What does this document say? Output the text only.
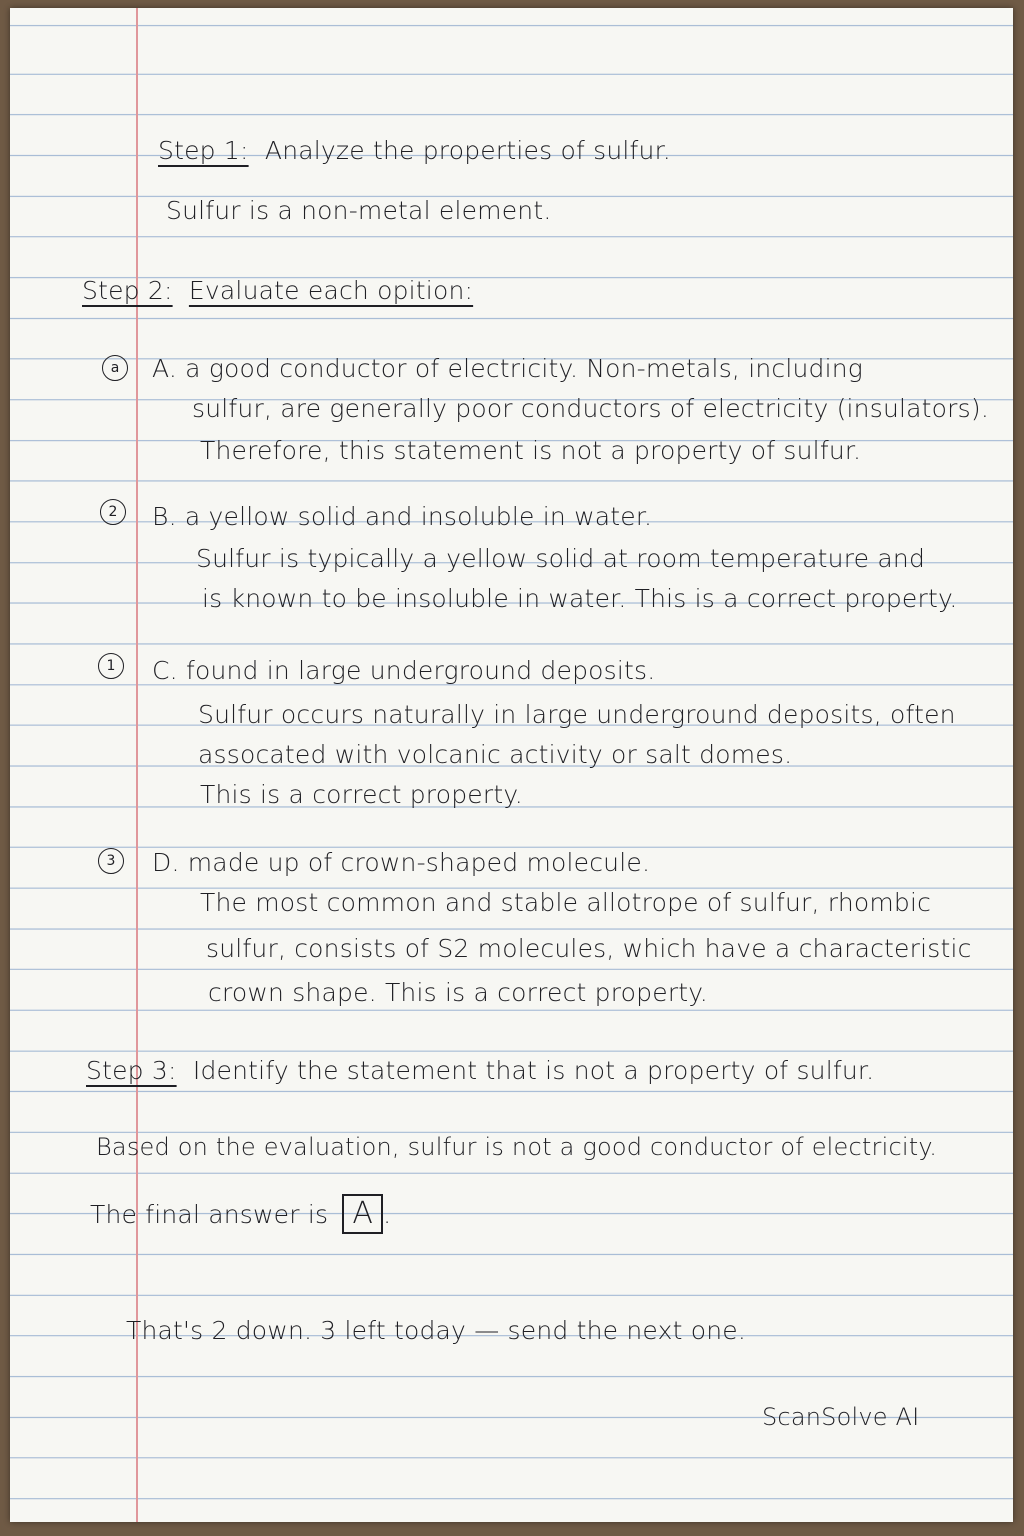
Step 1: Analyze the properties of sulfur.
Sulfur is a non-metal element.
Step 2: Evaluate each opition:
a	A. a good conductor of electricity. Non-metals, including
sulfur, are generally poor conductors of electricity (insulators).
Therefore, this statement is not a property of sulfur.
2	B. a yellow solid and insoluble in water.
Sulfur is typically a yellow solid at room temperature and
is known to be insoluble in water. This is a correct property.
1	C. found in large underground deposits.
Sulfur occurs naturally in large underground deposits, often
assocated with volcanic activity or salt domes.
This is a correct property.
3	D. made up of crown-shaped molecule.
The most common and stable allotrope of sulfur, rhombic
sulfur, consists of S2 molecules, which have a characteristic
crown shape. This is a correct property.
Step 3: Identify the statement that is not a property of sulfur.
Based on the evaluation, sulfur is not a good conductor of electricity.
The final answer is A .
That's 2 down. 3 left today — send the next one.
ScanSolve AI
